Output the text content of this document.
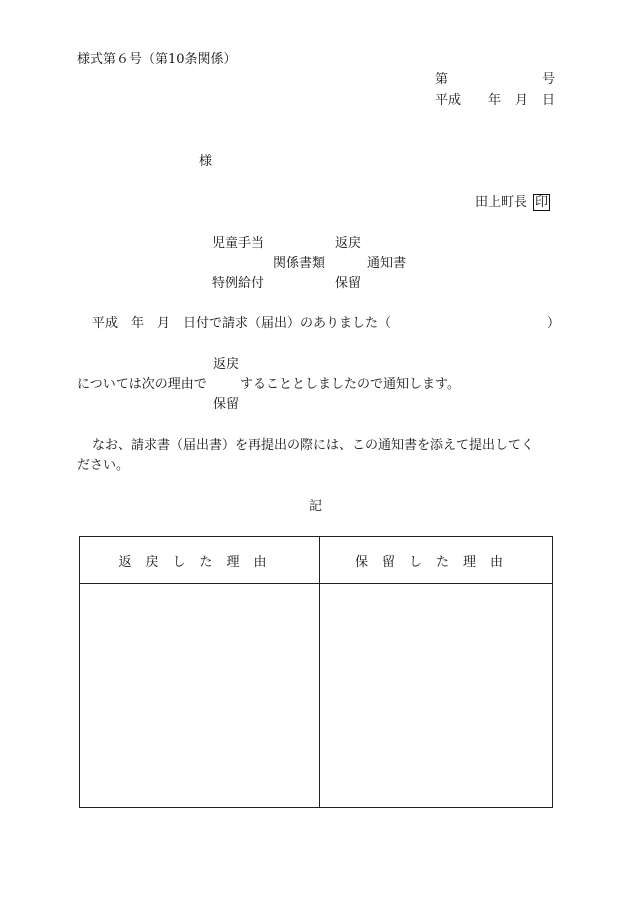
様式第６号（第10条関係）
第	号
平成 年 月 日
様
田上町長 印
児童手当	返戻
関係書類	通知書
特例給付	保留
平成　年　月　日付で請求（届出）のありました（	）
返戻
については次の理由で	することとしましたので通知します。
保留
なお、請求書（届出書）を再提出の際には、この通知書を添えて提出してく
ださい。
記
返戻した理由	保留した理由
